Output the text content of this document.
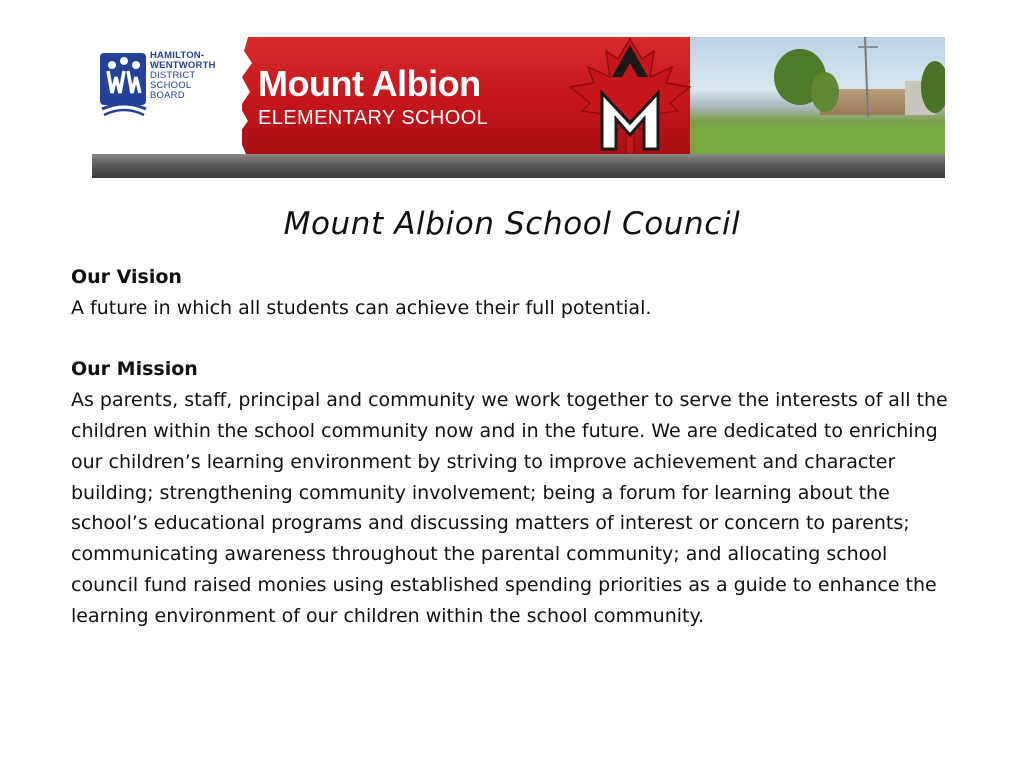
HAMILTON-
WENTWORTH
DISTRICT
SCHOOL
BOARD	Mount Albion
ELEMENTARY SCHOOL
Mount Albion School Council

Our Vision

A future in which all students can achieve their full potential.

Our Mission

As parents, staff, principal and community we work together to serve the interests of all the children within the school community now and in the future. We are dedicated to enriching our children’s learning environment by striving to improve achievement and character building; strengthening community involvement; being a forum for learning about the school’s educational programs and discussing matters of interest or concern to parents; communicating awareness throughout the parental community; and allocating school council fund raised monies using established spending priorities as a guide to enhance the learning environment of our children within the school community.
